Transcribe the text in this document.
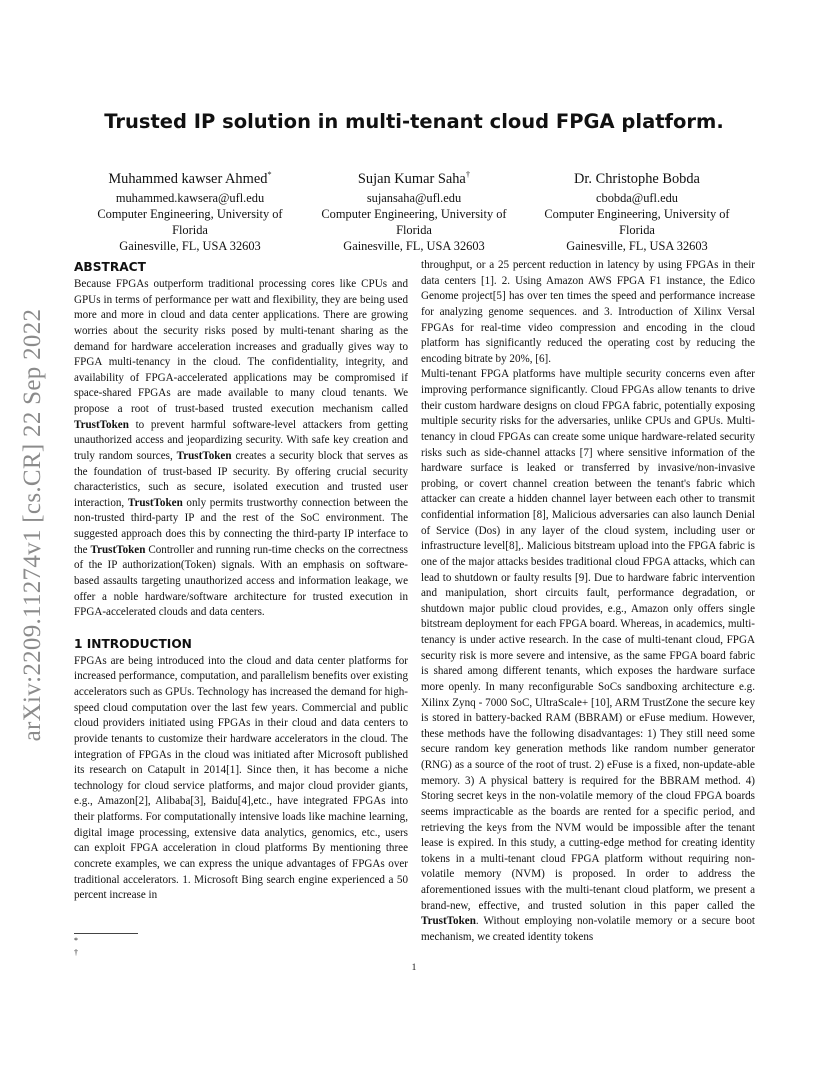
arXiv:2209.11274v1 [cs.CR] 22 Sep 2022
Trusted IP solution in multi-tenant cloud FPGA platform.
Muhammed kawser Ahmed*
muhammed.kawsera@ufl.edu
Computer Engineering, University of
Florida
Gainesville, FL, USA 32603
Sujan Kumar Saha†
sujansaha@ufl.edu
Computer Engineering, University of
Florida
Gainesville, FL, USA 32603
Dr. Christophe Bobda
cbobda@ufl.edu
Computer Engineering, University of
Florida
Gainesville, FL, USA 32603
ABSTRACT

Because FPGAs outperform traditional processing cores like CPUs and GPUs in terms of performance per watt and flexibility, they are being used more and more in cloud and data center applications. There are growing worries about the security risks posed by multi-tenant sharing as the demand for hardware acceleration increases and gradually gives way to FPGA multi-tenancy in the cloud. The confidentiality, integrity, and availability of FPGA-accelerated applications may be compromised if space-shared FPGAs are made available to many cloud tenants. We propose a root of trust-based trusted execution mechanism called TrustToken to prevent harmful software-level attackers from getting unauthorized access and jeopardizing security. With safe key creation and truly random sources, TrustToken creates a security block that serves as the foundation of trust-based IP security. By offering crucial security characteristics, such as secure, isolated execution and trusted user interaction, TrustToken only permits trustworthy connection between the non-trusted third-party IP and the rest of the SoC environment. The suggested approach does this by connecting the third-party IP interface to the TrustToken Controller and running run-time checks on the correctness of the IP authorization(Token) signals. With an emphasis on software-based assaults targeting unauthorized access and information leakage, we offer a noble hardware/software architecture for trusted execution in FPGA-accelerated clouds and data centers.

1 INTRODUCTION

FPGAs are being introduced into the cloud and data center platforms for increased performance, computation, and parallelism benefits over existing accelerators such as GPUs. Technology has increased the demand for high-speed cloud computation over the last few years. Commercial and public cloud providers initiated using FPGAs in their cloud and data centers to provide tenants to customize their hardware accelerators in the cloud. The integration of FPGAs in the cloud was initiated after Microsoft published its research on Catapult in 2014[1]. Since then, it has become a niche technology for cloud service platforms, and major cloud provider giants, e.g., Amazon[2], Alibaba[3], Baidu[4],etc., have integrated FPGAs into their platforms. For computationally intensive loads like machine learning, digital image processing, extensive data analytics, genomics, etc., users can exploit FPGA acceleration in cloud platforms By mentioning three concrete examples, we can express the unique advantages of FPGAs over traditional accelerators. 1. Microsoft Bing search engine experienced a 50 percent increase in

throughput, or a 25 percent reduction in latency by using FPGAs in their data centers [1]. 2. Using Amazon AWS FPGA F1 instance, the Edico Genome project[5] has over ten times the speed and performance increase for analyzing genome sequences. and 3. Introduction of Xilinx Versal FPGAs for real-time video compression and encoding in the cloud platform has significantly reduced the operating cost by reducing the encoding bitrate by 20%, [6].
Multi-tenant FPGA platforms have multiple security concerns even after improving performance significantly. Cloud FPGAs allow tenants to drive their custom hardware designs on cloud FPGA fabric, potentially exposing multiple security risks for the adversaries, unlike CPUs and GPUs. Multi-tenancy in cloud FPGAs can create some unique hardware-related security risks such as side-channel attacks [7] where sensitive information of the hardware surface is leaked or transferred by invasive/non-invasive probing, or covert channel creation between the tenant's fabric which attacker can create a hidden channel layer between each other to transmit confidential information [8], Malicious adversaries can also launch Denial of Service (Dos) in any layer of the cloud system, including user or infrastructure level[8],. Malicious bitstream upload into the FPGA fabric is one of the major attacks besides traditional cloud FPGA attacks, which can lead to shutdown or faulty results [9]. Due to hardware fabric intervention and manipulation, short circuits fault, performance degradation, or shutdown major public cloud provides, e.g., Amazon only offers single bitstream deployment for each FPGA board. Whereas, in academics, multi-tenancy is under active research. In the case of multi-tenant cloud, FPGA security risk is more severe and intensive, as the same FPGA board fabric is shared among different tenants, which exposes the hardware surface more openly. In many reconfigurable SoCs sandboxing architecture e.g. Xilinx Zynq - 7000 SoC, UltraScale+ [10], ARM TrustZone the secure key is stored in battery-backed RAM (BBRAM) or eFuse medium. However, these methods have the following disadvantages: 1) They still need some secure random key generation methods like random number generator (RNG) as a source of the root of trust. 2) eFuse is a fixed, non-update-able memory. 3) A physical battery is required for the BBRAM method. 4) Storing secret keys in the non-volatile memory of the cloud FPGA boards seems impracticable as the boards are rented for a specific period, and retrieving the keys from the NVM would be impossible after the tenant lease is expired. In this study, a cutting-edge method for creating identity tokens in a multi-tenant cloud FPGA platform without requiring non-volatile memory (NVM) is proposed. In order to address the aforementioned issues with the multi-tenant cloud platform, we present a brand-new, effective, and trusted solution in this paper called the TrustToken. Without employing non-volatile memory or a secure boot mechanism, we created identity tokens

*
†
1
